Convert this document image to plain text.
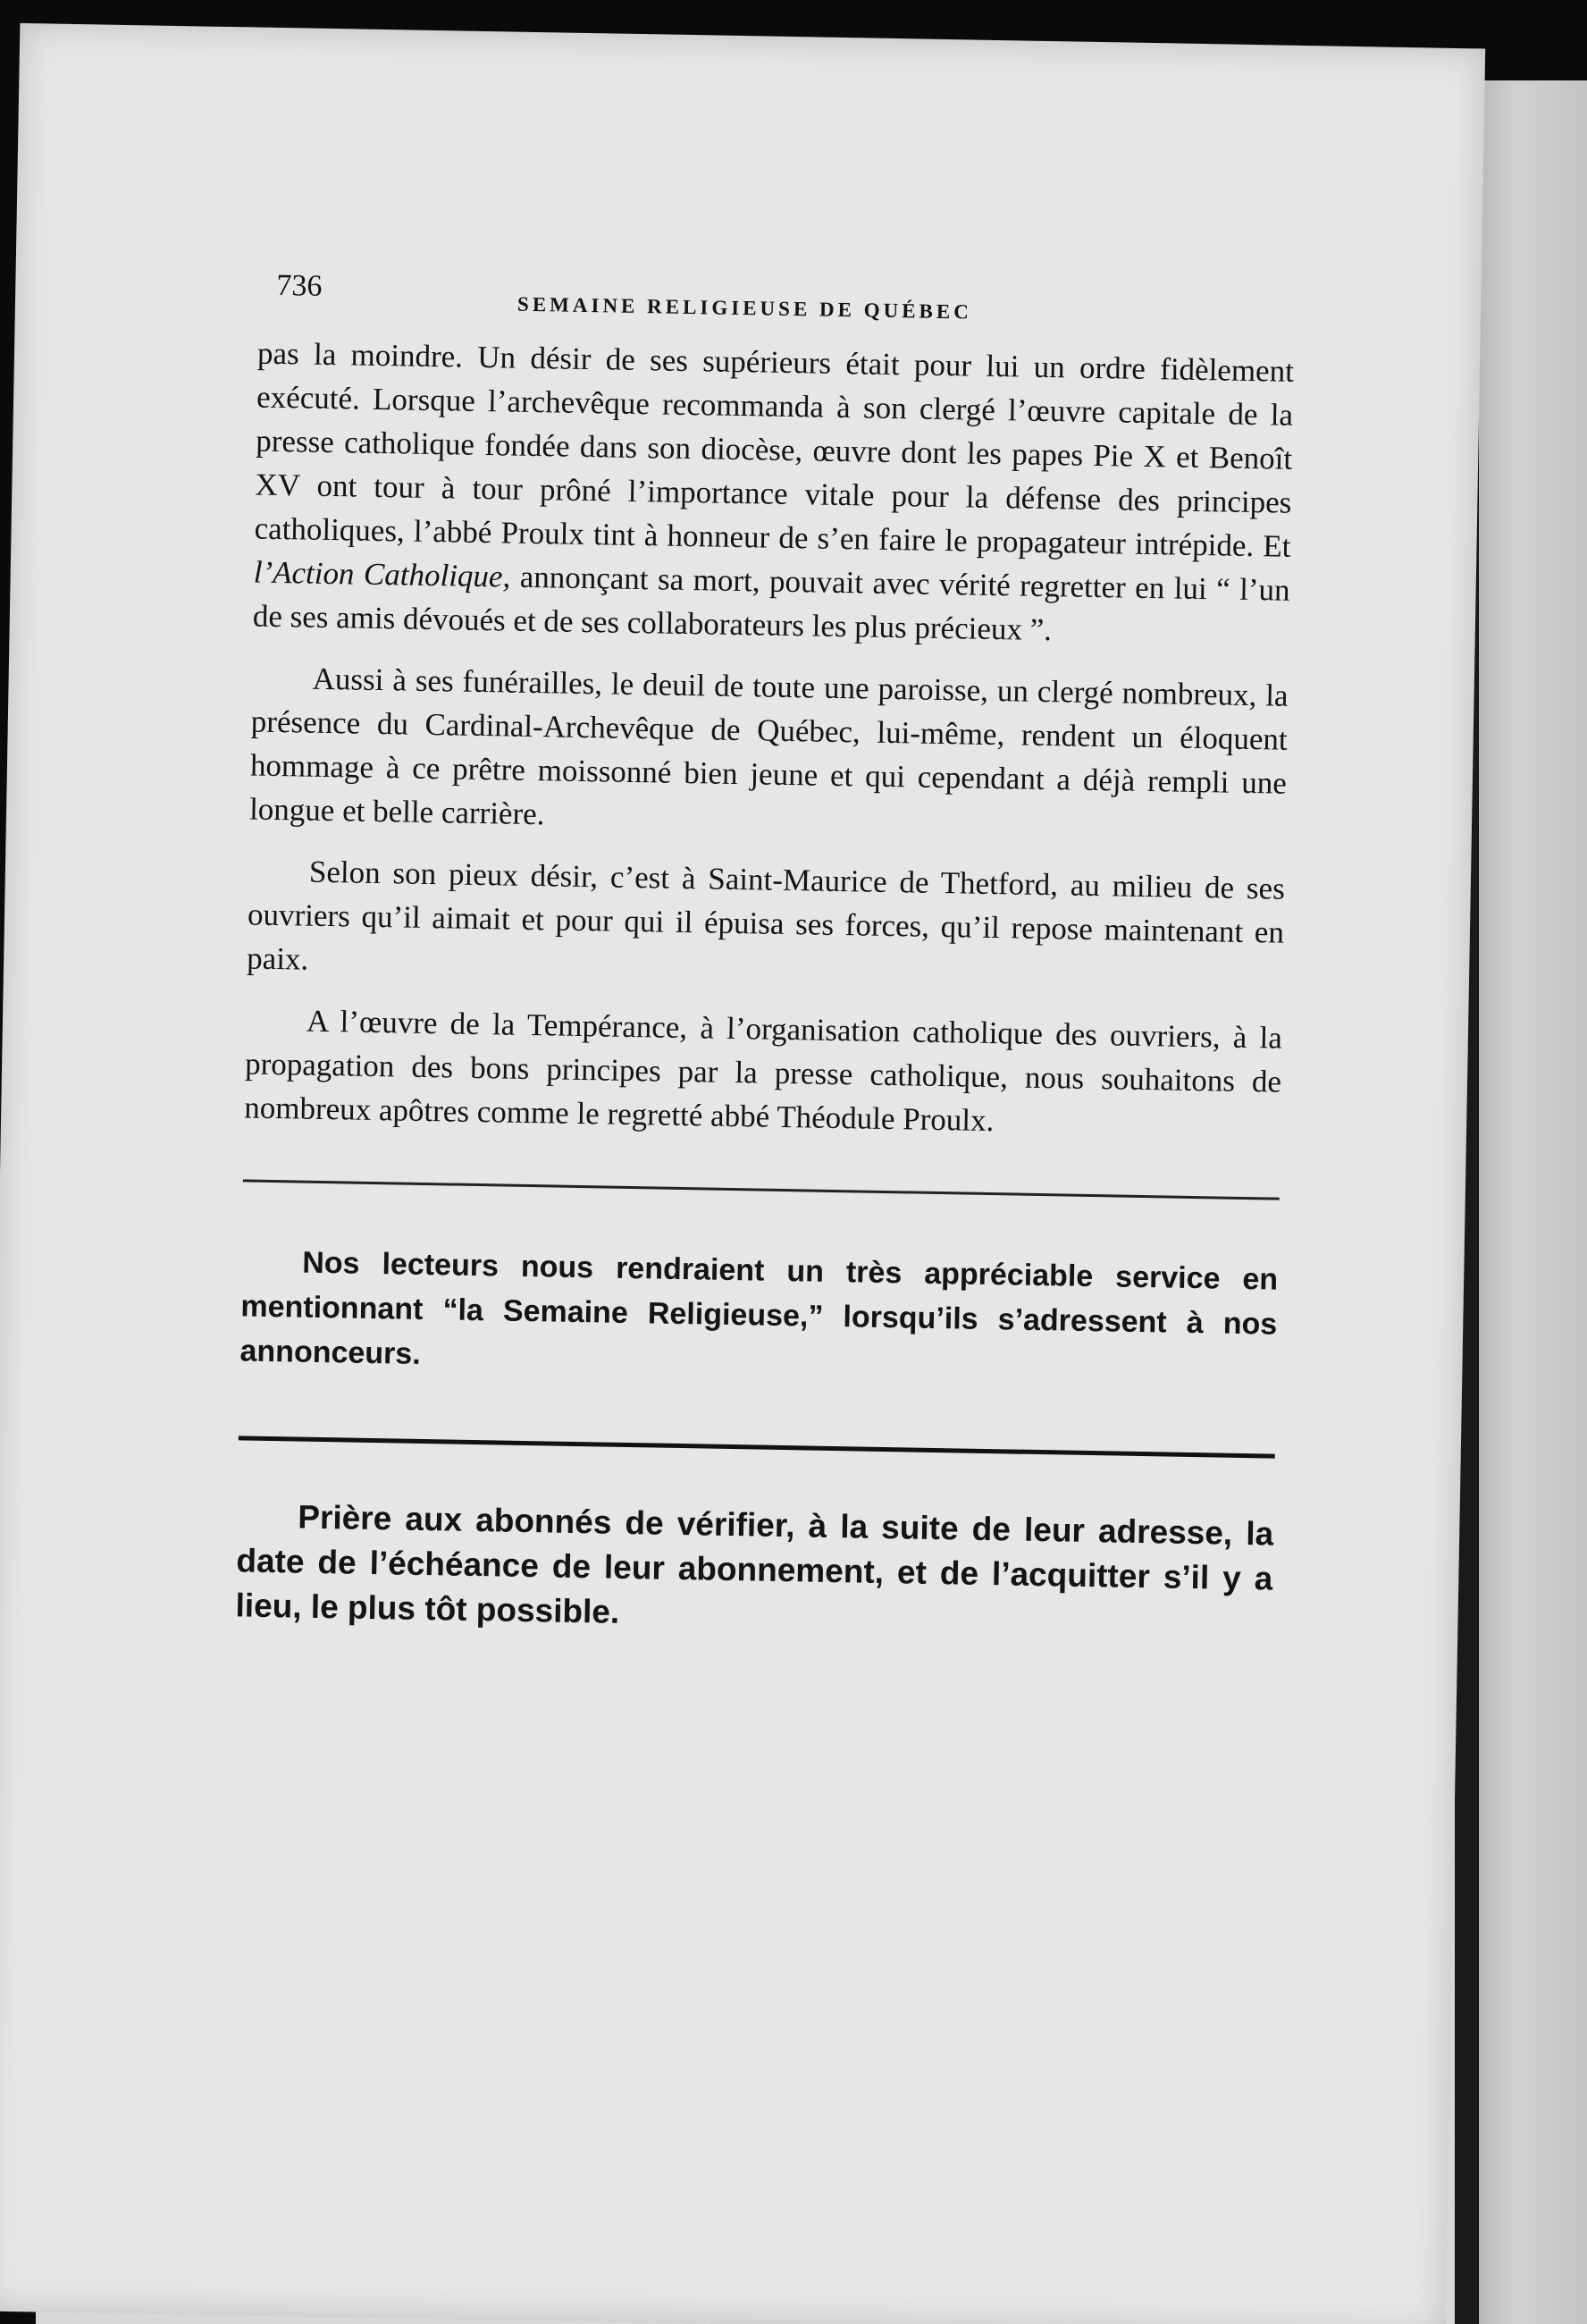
736
SEMAINE RELIGIEUSE DE QUÉBEC

pas la moindre. Un désir de ses supérieurs était pour lui un ordre fidèlement exécuté. Lorsque l’archevêque recommanda à son clergé l’œuvre capitale de la presse catholique fondée dans son diocèse, œuvre dont les papes Pie X et Benoît XV ont tour à tour prôné l’importance vitale pour la défense des principes catholiques, l’abbé Proulx tint à honneur de s’en faire le propagateur intrépide. Et l’Action Catholique, annonçant sa mort, pouvait avec vérité regretter en lui “ l’un de ses amis dévoués et de ses collaborateurs les plus précieux ”.

Aussi à ses funérailles, le deuil de toute une paroisse, un clergé nombreux, la présence du Cardinal-Archevêque de Québec, lui-même, rendent un éloquent hommage à ce prêtre moissonné bien jeune et qui cependant a déjà rempli une longue et belle carrière.

Selon son pieux désir, c’est à Saint-Maurice de Thetford, au milieu de ses ouvriers qu’il aimait et pour qui il épuisa ses forces, qu’il repose maintenant en paix.

A l’œuvre de la Tempérance, à l’organisation catholique des ouvriers, à la propagation des bons principes par la presse catholique, nous souhaitons de nombreux apôtres comme le regretté abbé Théodule Proulx.

Nos lecteurs nous rendraient un très appréciable service en mentionnant “la Semaine Religieuse,” lorsqu’ils s’adressent à nos annonceurs.

Prière aux abonnés de vérifier, à la suite de leur adresse, la date de l’échéance de leur abonnement, et de l’acquitter s’il y a lieu, le plus tôt possible.
